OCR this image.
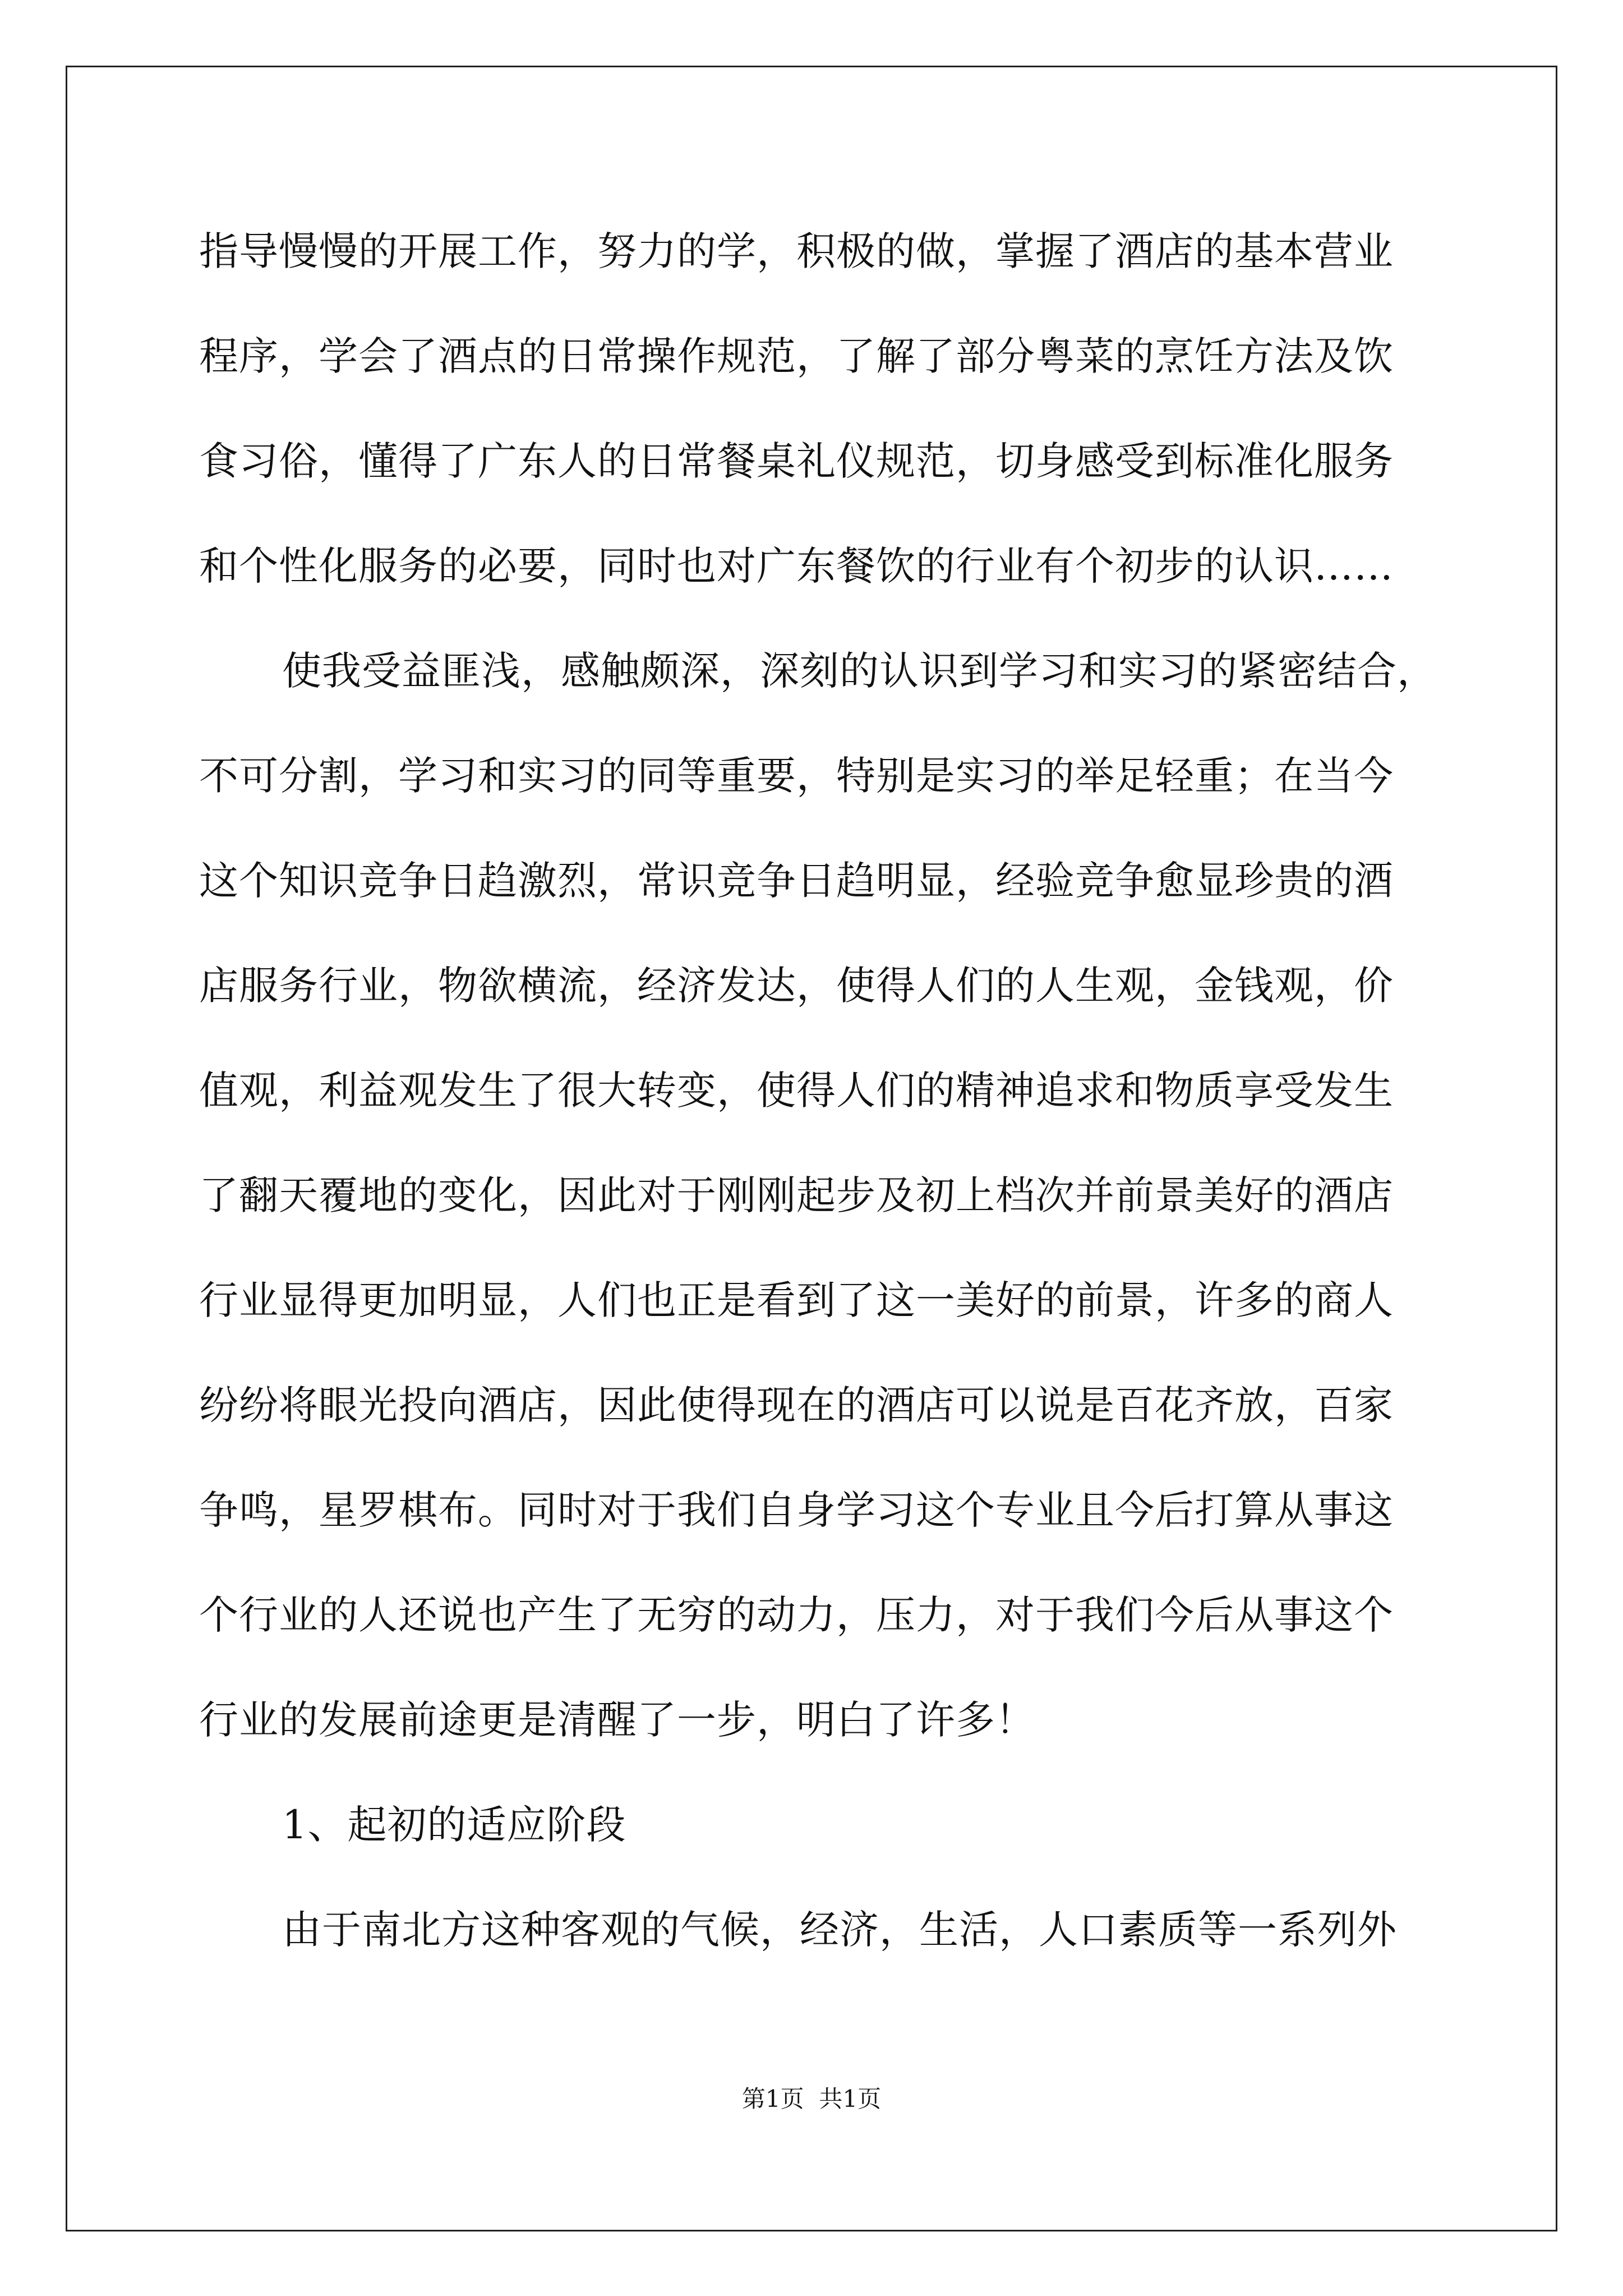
指导慢慢的开展工作，努力的学，积极的做，掌握了酒店的基本营业
程序，学会了酒点的日常操作规范，了解了部分粤菜的烹饪方法及饮
食习俗，懂得了广东人的日常餐桌礼仪规范，切身感受到标准化服务
和个性化服务的必要，同时也对广东餐饮的行业有个初步的认识……
使我受益匪浅，感触颇深，深刻的认识到学习和实习的紧密结合，
不可分割，学习和实习的同等重要，特别是实习的举足轻重；在当今
这个知识竞争日趋激烈，常识竞争日趋明显，经验竞争愈显珍贵的酒
店服务行业，物欲横流，经济发达，使得人们的人生观，金钱观，价
值观，利益观发生了很大转变，使得人们的精神追求和物质享受发生
了翻天覆地的变化，因此对于刚刚起步及初上档次并前景美好的酒店
行业显得更加明显，人们也正是看到了这一美好的前景，许多的商人
纷纷将眼光投向酒店，因此使得现在的酒店可以说是百花齐放，百家
争鸣，星罗棋布。同时对于我们自身学习这个专业且今后打算从事这
个行业的人还说也产生了无穷的动力，压力，对于我们今后从事这个
行业的发展前途更是清醒了一步，明白了许多！
1、起初的适应阶段
由于南北方这种客观的气候，经济，生活，人口素质等一系列外
第1页  共1页
